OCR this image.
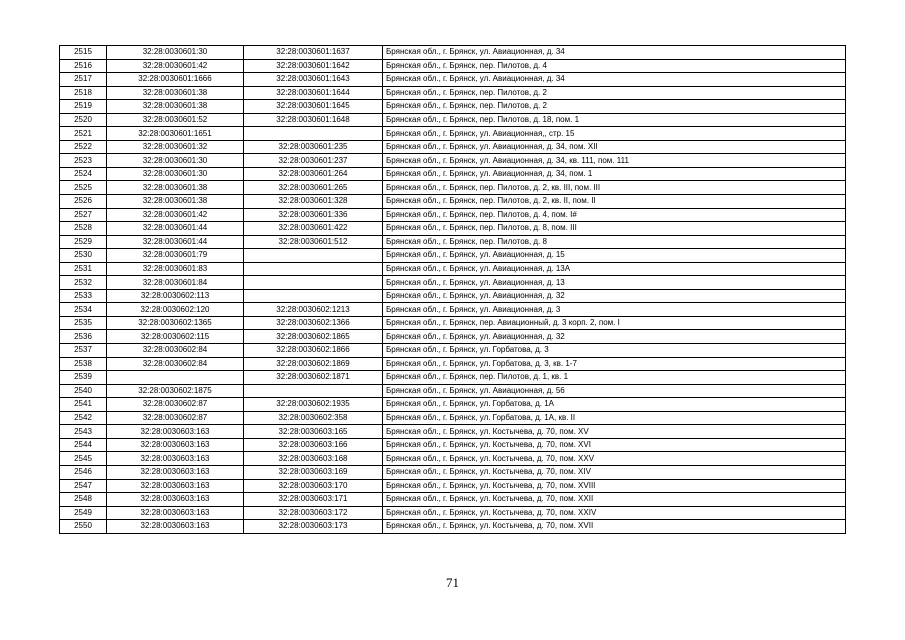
2515	32:28:0030601:30	32:28:0030601:1637	Брянская обл., г. Брянск, ул. Авиационная, д. 34
2516	32:28:0030601:42	32:28:0030601:1642	Брянская обл., г. Брянск, пер. Пилотов, д. 4
2517	32:28:0030601:1666	32:28:0030601:1643	Брянская обл., г. Брянск, ул. Авиационная, д. 34
2518	32:28:0030601:38	32:28:0030601:1644	Брянская обл., г. Брянск, пер. Пилотов, д. 2
2519	32:28:0030601:38	32:28:0030601:1645	Брянская обл., г. Брянск, пер. Пилотов, д. 2
2520	32:28:0030601:52	32:28:0030601:1648	Брянская обл., г. Брянск, пер. Пилотов, д. 18, пом. 1
2521	32:28:0030601:1651		Брянская обл., г. Брянск, ул. Авиационная,, стр. 15
2522	32:28:0030601:32	32:28:0030601:235	Брянская обл., г. Брянск, ул. Авиационная, д. 34, пом. XII
2523	32:28:0030601:30	32:28:0030601:237	Брянская обл., г. Брянск, ул. Авиационная, д. 34, кв. 111, пом. 111
2524	32:28:0030601:30	32:28:0030601:264	Брянская обл., г. Брянск, ул. Авиационная, д. 34, пом. 1
2525	32:28:0030601:38	32:28:0030601:265	Брянская обл., г. Брянск, пер. Пилотов, д. 2, кв. III, пом. III
2526	32:28:0030601:38	32:28:0030601:328	Брянская обл., г. Брянск, пер. Пилотов, д. 2, кв. II, пом. II
2527	32:28:0030601:42	32:28:0030601:336	Брянская обл., г. Брянск, пер. Пилотов, д. 4, пом. I#
2528	32:28:0030601:44	32:28:0030601:422	Брянская обл., г. Брянск, пер. Пилотов, д. 8, пом. III
2529	32:28:0030601:44	32:28:0030601:512	Брянская обл., г. Брянск, пер. Пилотов, д. 8
2530	32:28:0030601:79		Брянская обл., г. Брянск, ул. Авиационная, д. 15
2531	32:28:0030601:83		Брянская обл., г. Брянск, ул. Авиационная, д. 13А
2532	32:28:0030601:84		Брянская обл., г. Брянск, ул. Авиационная, д. 13
2533	32:28:0030602:113		Брянская обл., г. Брянск, ул. Авиационная, д. 32
2534	32:28:0030602:120	32:28:0030602:1213	Брянская обл., г. Брянск, ул. Авиационная, д. 3
2535	32:28:0030602:1365	32:28:0030602:1366	Брянская обл., г. Брянск, пер. Авиационный, д. 3 корп. 2, пом. I
2536	32:28:0030602:115	32:28:0030602:1865	Брянская обл., г. Брянск, ул. Авиационная, д. 32
2537	32:28:0030602:84	32:28:0030602:1866	Брянская обл., г. Брянск, ул. Горбатова, д. 3
2538	32:28:0030602:84	32:28:0030602:1869	Брянская обл., г. Брянск, ул. Горбатова, д. 3, кв. 1-7
2539		32:28:0030602:1871	Брянская обл., г. Брянск, пер. Пилотов, д. 1, кв. 1
2540	32:28:0030602:1875		Брянская обл., г. Брянск, ул. Авиационная, д. 56
2541	32:28:0030602:87	32:28:0030602:1935	Брянская обл., г. Брянск, ул. Горбатова, д. 1А
2542	32:28:0030602:87	32:28:0030602:358	Брянская обл., г. Брянск, ул. Горбатова, д. 1А, кв. II
2543	32:28:0030603:163	32:28:0030603:165	Брянская обл., г. Брянск, ул. Костычева, д. 70, пом. XV
2544	32:28:0030603:163	32:28:0030603:166	Брянская обл., г. Брянск, ул. Костычева, д. 70, пом. XVI
2545	32:28:0030603:163	32:28:0030603:168	Брянская обл., г. Брянск, ул. Костычева, д. 70, пом. XXV
2546	32:28:0030603:163	32:28:0030603:169	Брянская обл., г. Брянск, ул. Костычева, д. 70, пом. XIV
2547	32:28:0030603:163	32:28:0030603:170	Брянская обл., г. Брянск, ул. Костычева, д. 70, пом. XVIII
2548	32:28:0030603:163	32:28:0030603:171	Брянская обл., г. Брянск, ул. Костычева, д. 70, пом. XXII
2549	32:28:0030603:163	32:28:0030603:172	Брянская обл., г. Брянск, ул. Костычева, д. 70, пом. XXIV
2550	32:28:0030603:163	32:28:0030603:173	Брянская обл., г. Брянск, ул. Костычева, д. 70, пом. XVII
71
